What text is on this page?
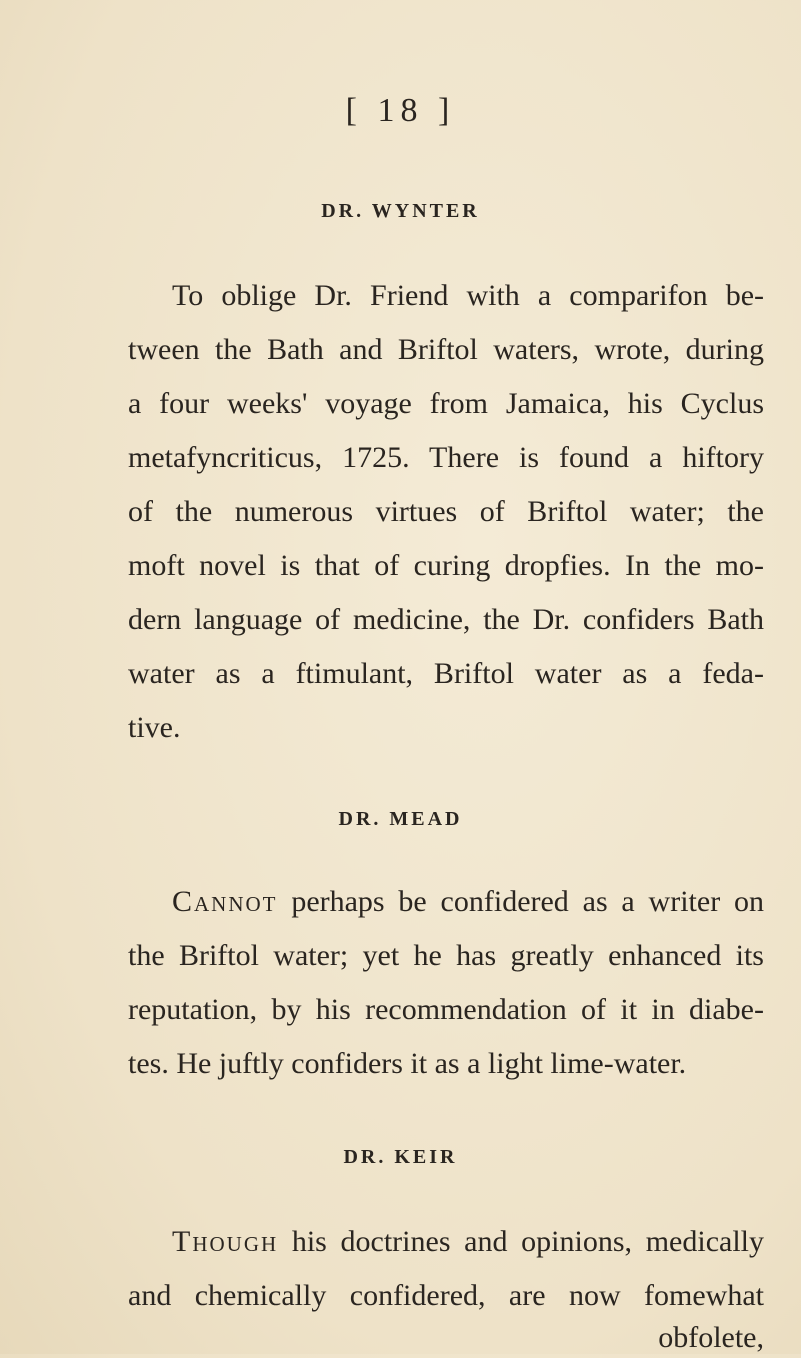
[ 18 ]
DR. WYNTER
To oblige Dr. Friend with a comparifon be-
tween the Bath and Briftol waters, wrote, during
a four weeks' voyage from Jamaica, his Cyclus
metafyncriticus, 1725. There is found a hiftory
of the numerous virtues of Briftol water; the
moft novel is that of curing dropfies. In the mo-
dern language of medicine, the Dr. confiders Bath
water as a ftimulant, Briftol water as a feda-
tive.
DR. MEAD
Cannot perhaps be confidered as a writer on
the Briftol water; yet he has greatly enhanced its
reputation, by his recommendation of it in diabe-
tes. He juftly confiders it as a light lime-water.
DR. KEIR
Though his doctrines and opinions, medically
and chemically confidered, are now fomewhat
obfolete,
